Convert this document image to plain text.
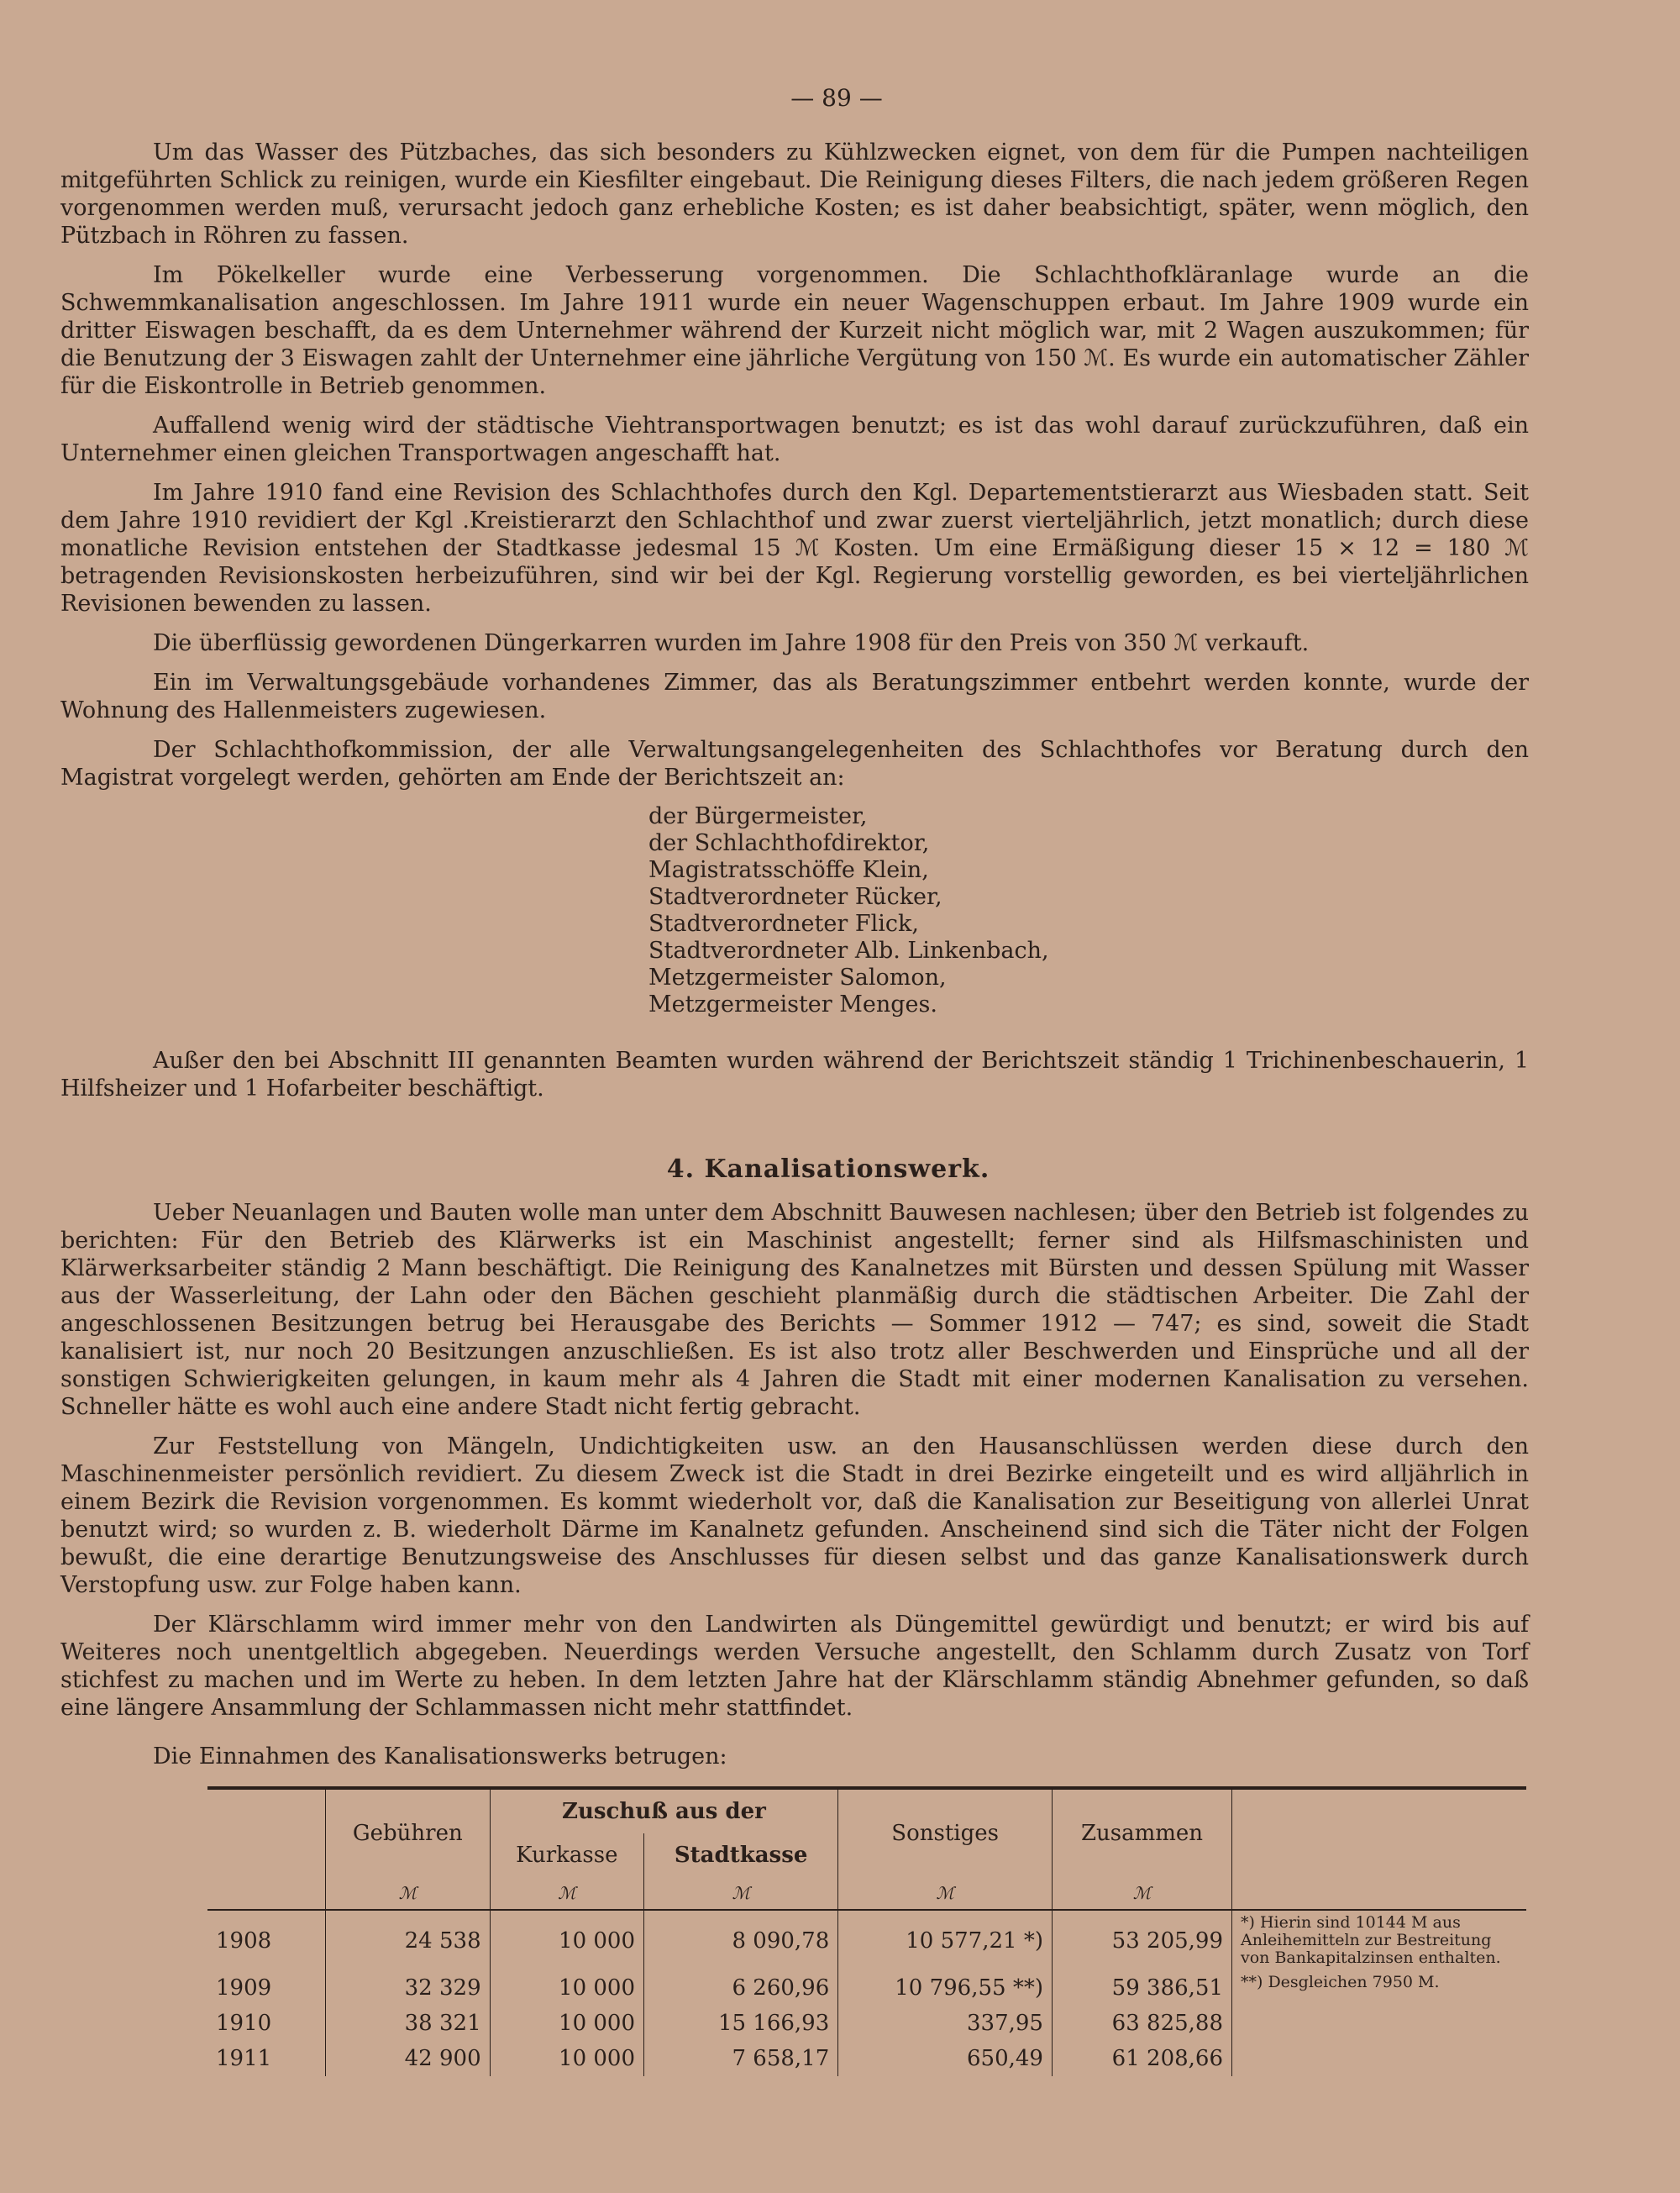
— 89 —

Um das Wasser des Pützbaches, das sich besonders zu Kühlzwecken eignet, von dem für die Pumpen nachteiligen mitgeführten Schlick zu reinigen, wurde ein Kiesfilter eingebaut. Die Reinigung dieses Filters, die nach jedem größeren Regen vorgenommen werden muß, verursacht jedoch ganz erhebliche Kosten; es ist daher beabsichtigt, später, wenn möglich, den Pützbach in Röhren zu fassen.

Im Pökelkeller wurde eine Verbesserung vorgenommen. Die Schlachthofkläranlage wurde an die Schwemmkanalisation angeschlossen. Im Jahre 1911 wurde ein neuer Wagenschuppen erbaut. Im Jahre 1909 wurde ein dritter Eiswagen beschafft, da es dem Unternehmer während der Kurzeit nicht möglich war, mit 2 Wagen auszukommen; für die Benutzung der 3 Eiswagen zahlt der Unternehmer eine jährliche Vergütung von 150 ℳ. Es wurde ein automatischer Zähler für die Eiskontrolle in Betrieb genommen.

Auffallend wenig wird der städtische Viehtransportwagen benutzt; es ist das wohl darauf zurückzuführen, daß ein Unternehmer einen gleichen Transportwagen angeschafft hat.

Im Jahre 1910 fand eine Revision des Schlachthofes durch den Kgl. Departementstierarzt aus Wiesbaden statt. Seit dem Jahre 1910 revidiert der Kgl .Kreistierarzt den Schlachthof und zwar zuerst vierteljährlich, jetzt monatlich; durch diese monatliche Revision entstehen der Stadtkasse jedesmal 15 ℳ Kosten. Um eine Ermäßigung dieser 15 × 12 = 180 ℳ betragenden Revisionskosten herbeizuführen, sind wir bei der Kgl. Regierung vorstellig geworden, es bei vierteljährlichen Revisionen bewenden zu lassen.

Die überflüssig gewordenen Düngerkarren wurden im Jahre 1908 für den Preis von 350 ℳ verkauft.

Ein im Verwaltungsgebäude vorhandenes Zimmer, das als Beratungszimmer entbehrt werden konnte, wurde der Wohnung des Hallenmeisters zugewiesen.

Der Schlachthofkommission, der alle Verwaltungsangelegenheiten des Schlachthofes vor Beratung durch den Magistrat vorgelegt werden, gehörten am Ende der Berichtszeit an:

der Bürgermeister,
der Schlachthofdirektor,
Magistratsschöffe Klein,
Stadtverordneter Rücker,
Stadtverordneter Flick,
Stadtverordneter Alb. Linkenbach,
Metzgermeister Salomon,
Metzgermeister Menges.

Außer den bei Abschnitt III genannten Beamten wurden während der Berichtszeit ständig 1 Trichinenbeschauerin, 1 Hilfsheizer und 1 Hofarbeiter beschäftigt.

4. Kanalisationswerk.

Ueber Neuanlagen und Bauten wolle man unter dem Abschnitt Bauwesen nachlesen; über den Betrieb ist folgendes zu berichten: Für den Betrieb des Klärwerks ist ein Maschinist angestellt; ferner sind als Hilfsmaschinisten und Klärwerksarbeiter ständig 2 Mann beschäftigt. Die Reinigung des Kanalnetzes mit Bürsten und dessen Spülung mit Wasser aus der Wasserleitung, der Lahn oder den Bächen geschieht planmäßig durch die städtischen Arbeiter. Die Zahl der angeschlossenen Besitzungen betrug bei Herausgabe des Berichts — Sommer 1912 — 747; es sind, soweit die Stadt kanalisiert ist, nur noch 20 Besitzungen anzuschließen. Es ist also trotz aller Beschwerden und Einsprüche und all der sonstigen Schwierigkeiten gelungen, in kaum mehr als 4 Jahren die Stadt mit einer modernen Kanalisation zu versehen. Schneller hätte es wohl auch eine andere Stadt nicht fertig gebracht.

Zur Feststellung von Mängeln, Undichtigkeiten usw. an den Hausanschlüssen werden diese durch den Maschinenmeister persönlich revidiert. Zu diesem Zweck ist die Stadt in drei Bezirke eingeteilt und es wird alljährlich in einem Bezirk die Revision vorgenommen. Es kommt wiederholt vor, daß die Kanalisation zur Beseitigung von allerlei Unrat benutzt wird; so wurden z. B. wiederholt Därme im Kanalnetz gefunden. Anscheinend sind sich die Täter nicht der Folgen bewußt, die eine derartige Benutzungsweise des Anschlusses für diesen selbst und das ganze Kanalisationswerk durch Verstopfung usw. zur Folge haben kann.

Der Klärschlamm wird immer mehr von den Landwirten als Düngemittel gewürdigt und benutzt; er wird bis auf Weiteres noch unentgeltlich abgegeben. Neuerdings werden Versuche angestellt, den Schlamm durch Zusatz von Torf stichfest zu machen und im Werte zu heben. In dem letzten Jahre hat der Klärschlamm ständig Abnehmer gefunden, so daß eine längere Ansammlung der Schlammassen nicht mehr stattfindet.

Die Einnahmen des Kanalisationswerks betrugen:

	Gebühren	Zuschuß aus der		Sonstiges	Zusammen	
		Kurkasse	Stadtkasse			
	ℳ	ℳ	ℳ	ℳ	ℳ	
1908	24 538	10 000	8 090,78	10 577,21 *)	53 205,99	*) Hierin sind 10144 M aus Anleihemitteln zur Bestreitung von Bankapitalzinsen enthalten.
1909	32 329	10 000	6 260,96	10 796,55 **)	59 386,51	**) Desgleichen 7950 M.
1910	38 321	10 000	15 166,93	337,95	63 825,88	
1911	42 900	10 000	7 658,17	650,49	61 208,66	
